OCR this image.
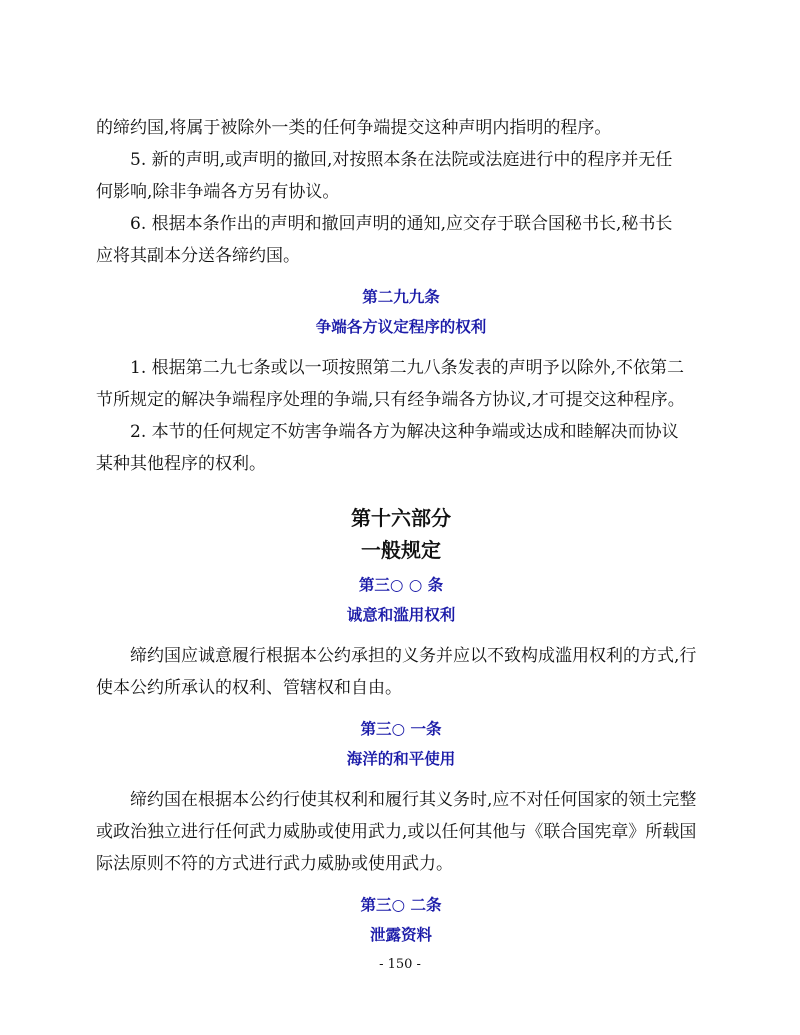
的缔约国,将属于被除外一类的任何争端提交这种声明内指明的程序。

5. 新的声明,或声明的撤回,对按照本条在法院或法庭进行中的程序并无任
何影响,除非争端各方另有协议。

6. 根据本条作出的声明和撤回声明的通知,应交存于联合国秘书长,秘书长
应将其副本分送各缔约国。

第二九九条
争端各方议定程序的权利

1. 根据第二九七条或以一项按照第二九八条发表的声明予以除外,不依第二
节所规定的解决争端程序处理的争端,只有经争端各方协议,才可提交这种程序。

2. 本节的任何规定不妨害争端各方为解决这种争端或达成和睦解决而协议
某种其他程序的权利。

第十六部分
一般规定
第三○ ○ 条
诚意和滥用权利

缔约国应诚意履行根据本公约承担的义务并应以不致构成滥用权利的方式,行
使本公约所承认的权利、管辖权和自由。

第三○ 一条
海洋的和平使用

缔约国在根据本公约行使其权利和履行其义务时,应不对任何国家的领土完整
或政治独立进行任何武力威胁或使用武力,或以任何其他与《联合国宪章》所载国
际法原则不符的方式进行武力威胁或使用武力。

第三○ 二条
泄露资料
- 150 -
